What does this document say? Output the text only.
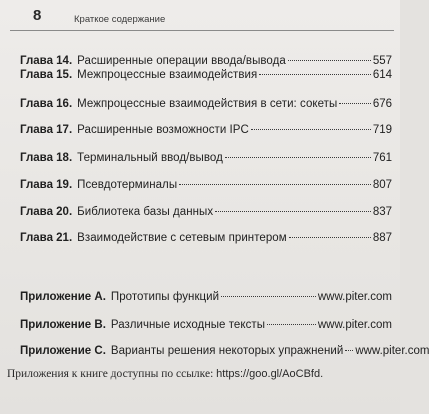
8	Краткое содержание
Глава 14. Расширенные операции ввода/вывода	557
Глава 15. Межпроцессные взаимодействия	614
Глава 16. Межпроцессные взаимодействия в сети: сокеты	676
Глава 17. Расширенные возможности IPC	719
Глава 18. Терминальный ввод/вывод	761
Глава 19. Псевдотерминалы	807
Глава 20. Библиотека базы данных	837
Глава 21. Взаимодействие с сетевым принтером	887

Приложение А. Прототипы функций	www.piter.com
Приложение В. Различные исходные тексты	www.piter.com
Приложение С. Варианты решения некоторых упражнений www.piter.com
Приложения к книге доступны по ссылке: https://goo.gl/AoCBfd.
